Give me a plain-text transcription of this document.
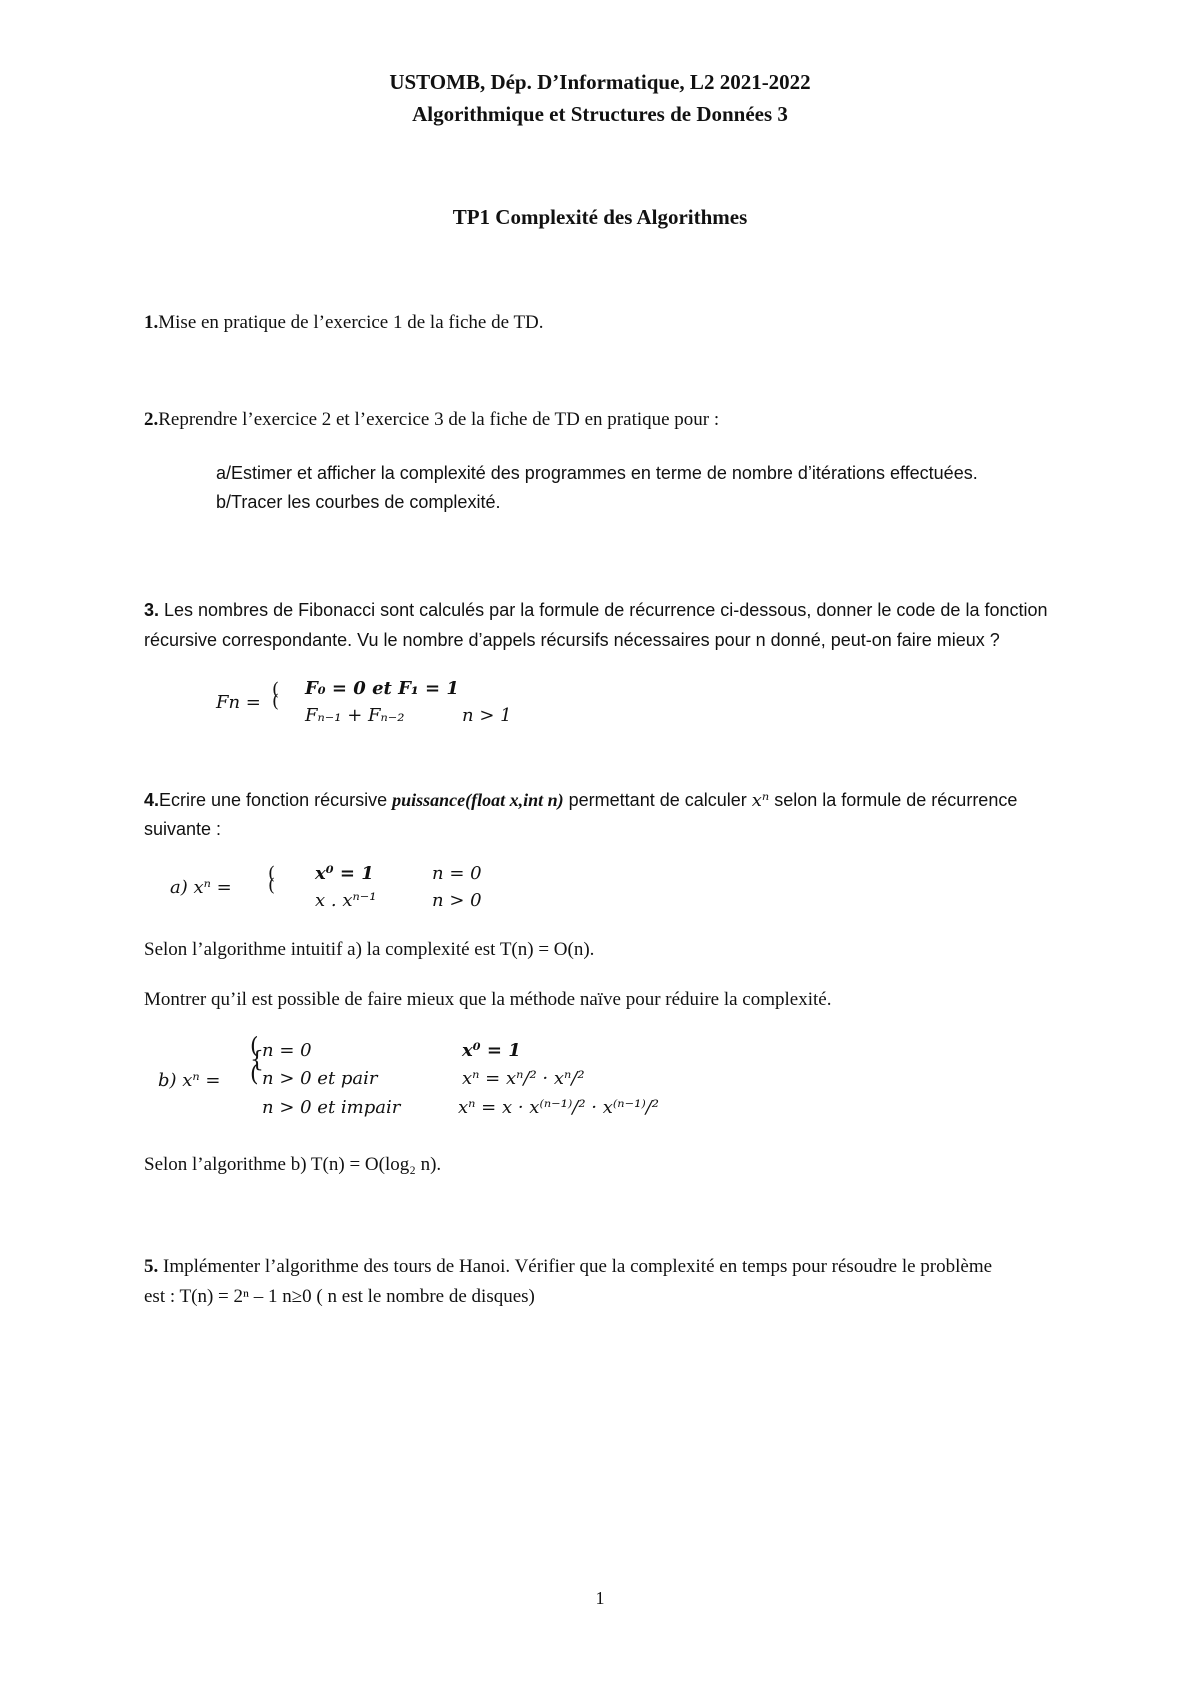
USTOMB, Dép. D’Informatique, L2 2021-2022
Algorithmique et Structures de Données 3
TP1 Complexité des Algorithmes
1.Mise en pratique de l’exercice 1 de la fiche de TD.
2.Reprendre l’exercice 2 et l’exercice 3 de la fiche de TD en pratique pour :
a/Estimer et afficher la complexité des programmes en terme de nombre d’itérations effectuées.
b/Tracer les courbes de complexité.
3. Les nombres de Fibonacci sont calculés par la formule de récurrence ci-dessous, donner le code de la fonction
récursive correspondante. Vu le nombre d’appels récursifs nécessaires pour n donné, peut-on faire mieux ?
Fn =
(
(
F₀ = 0 et F₁ = 1
Fₙ₋₁ + Fₙ₋₂	n > 1
4.Ecrire une fonction récursive puissance(float x,int n) permettant de calculer xⁿ selon la formule de récurrence
suivante :
a) xⁿ =
(
(
x⁰ = 1	n = 0
x . xⁿ⁻¹	n > 0
Selon l’algorithme intuitif a) la complexité est T(n) = O(n).
Montrer qu’il est possible de faire mieux que la méthode naïve pour réduire la complexité.
b) xⁿ =
(
{
(
n = 0	x⁰ = 1
n > 0 et pair	xⁿ = xⁿ/² · xⁿ/²
n > 0 et impair	xⁿ = x · x⁽ⁿ⁻¹⁾/² · x⁽ⁿ⁻¹⁾/²
Selon l’algorithme b) T(n) = O(log₂ n).
5. Implémenter l’algorithme des tours de Hanoi. Vérifier que la complexité en temps pour résoudre le problème
est : T(n) = 2ⁿ – 1 n≥0 ( n est le nombre de disques)
1
